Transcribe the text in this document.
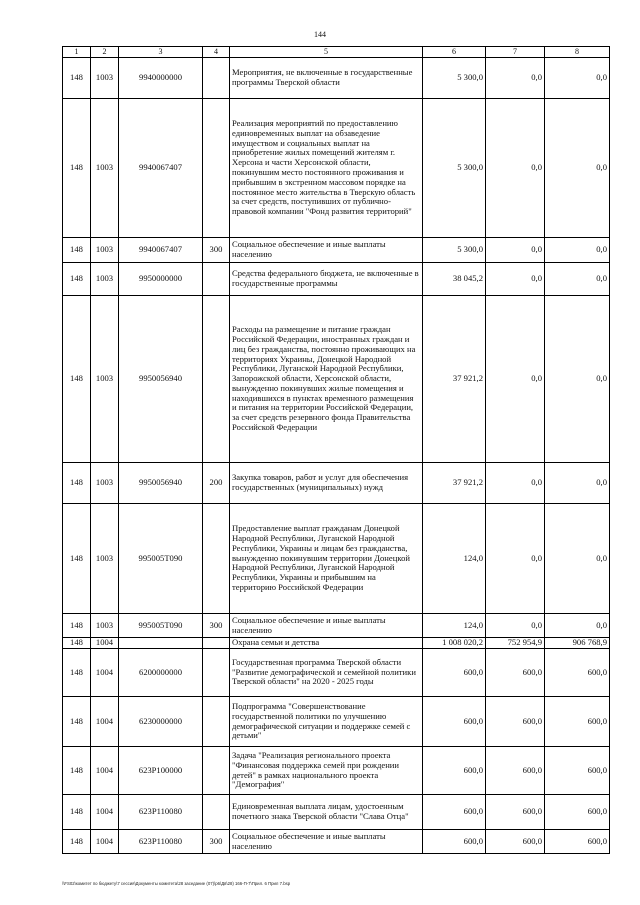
144
1	2	3	4	5	6	7	8
148	1003	9940000000		Мероприятия, не включенные в государственные программы Тверской области	5 300,0	0,0	0,0
148	1003	9940067407		Реализация мероприятий по предоставлению единовременных выплат на обзаведение имуществом и социальных выплат на приобретение жилых помещений жителям г. Херсона и части Херсонской области, покинувшим место постоянного проживания и прибывшим в экстренном массовом порядке на постоянное место жительства в Тверскую область за счет средств, поступивших от публично-правовой компании "Фонд развития территорий"	5 300,0	0,0	0,0
148	1003	9940067407	300	Социальное обеспечение и иные выплаты населению	5 300,0	0,0	0,0
148	1003	9950000000		Средства федерального бюджета, не включенные в государственные программы	38 045,2	0,0	0,0
148	1003	9950056940		Расходы на размещение и питание граждан Российской Федерации, иностранных граждан и лиц без гражданства, постоянно проживающих на территориях Украины, Донецкой Народной Республики, Луганской Народной Республики, Запорожской области, Херсонской области, вынужденно покинувших жилые помещения и находившихся в пунктах временного размещения и питания на территории Российской Федерации, за счет средств резервного фонда Правительства Российской Федерации	37 921,2	0,0	0,0
148	1003	9950056940	200	Закупка товаров, работ и услуг для обеспечения государственных (муниципальных) нужд	37 921,2	0,0	0,0
148	1003	995005Т090		Предоставление выплат гражданам Донецкой Народной Республики, Луганской Народной Республики, Украины и лицам без гражданства, вынужденно покинувшим территории Донецкой Народной Республики, Луганской Народной Республики, Украины и прибывшим на территорию Российской Федерации	124,0	0,0	0,0
148	1003	995005Т090	300	Социальное обеспечение и иные выплаты населению	124,0	0,0	0,0
148	1004			Охрана семьи и детства	1 008 020,2	752 954,9	906 768,9
148	1004	6200000000		Государственная программа Тверской области "Развитие демографической и семейной политики Тверской области" на 2020 - 2025 годы	600,0	600,0	600,0
148	1004	6230000000		Подпрограмма "Совершенствование государственной политики по улучшению демографической ситуации и поддержке семей с детьми"	600,0	600,0	600,0
148	1004	623Р100000		Задача "Реализация регионального проекта "Финансовая поддержка семей при рождении детей" в рамках национального проекта "Демография"	600,0	600,0	600,0
148	1004	623Р110080		Единовременная выплата лицам, удостоенным почетного знака Тверской области "Слава Отца"	600,0	600,0	600,0
148	1004	623Р110080	300	Социальное обеспечение и иные выплаты населению	600,0	600,0	600,0
\\FS02\комитет по бюджету\7 сессия\Документы комитета\28 заседание (07)\р6\Дв\28) 166-П-7\Прил. 6 Прил 7.bsp
